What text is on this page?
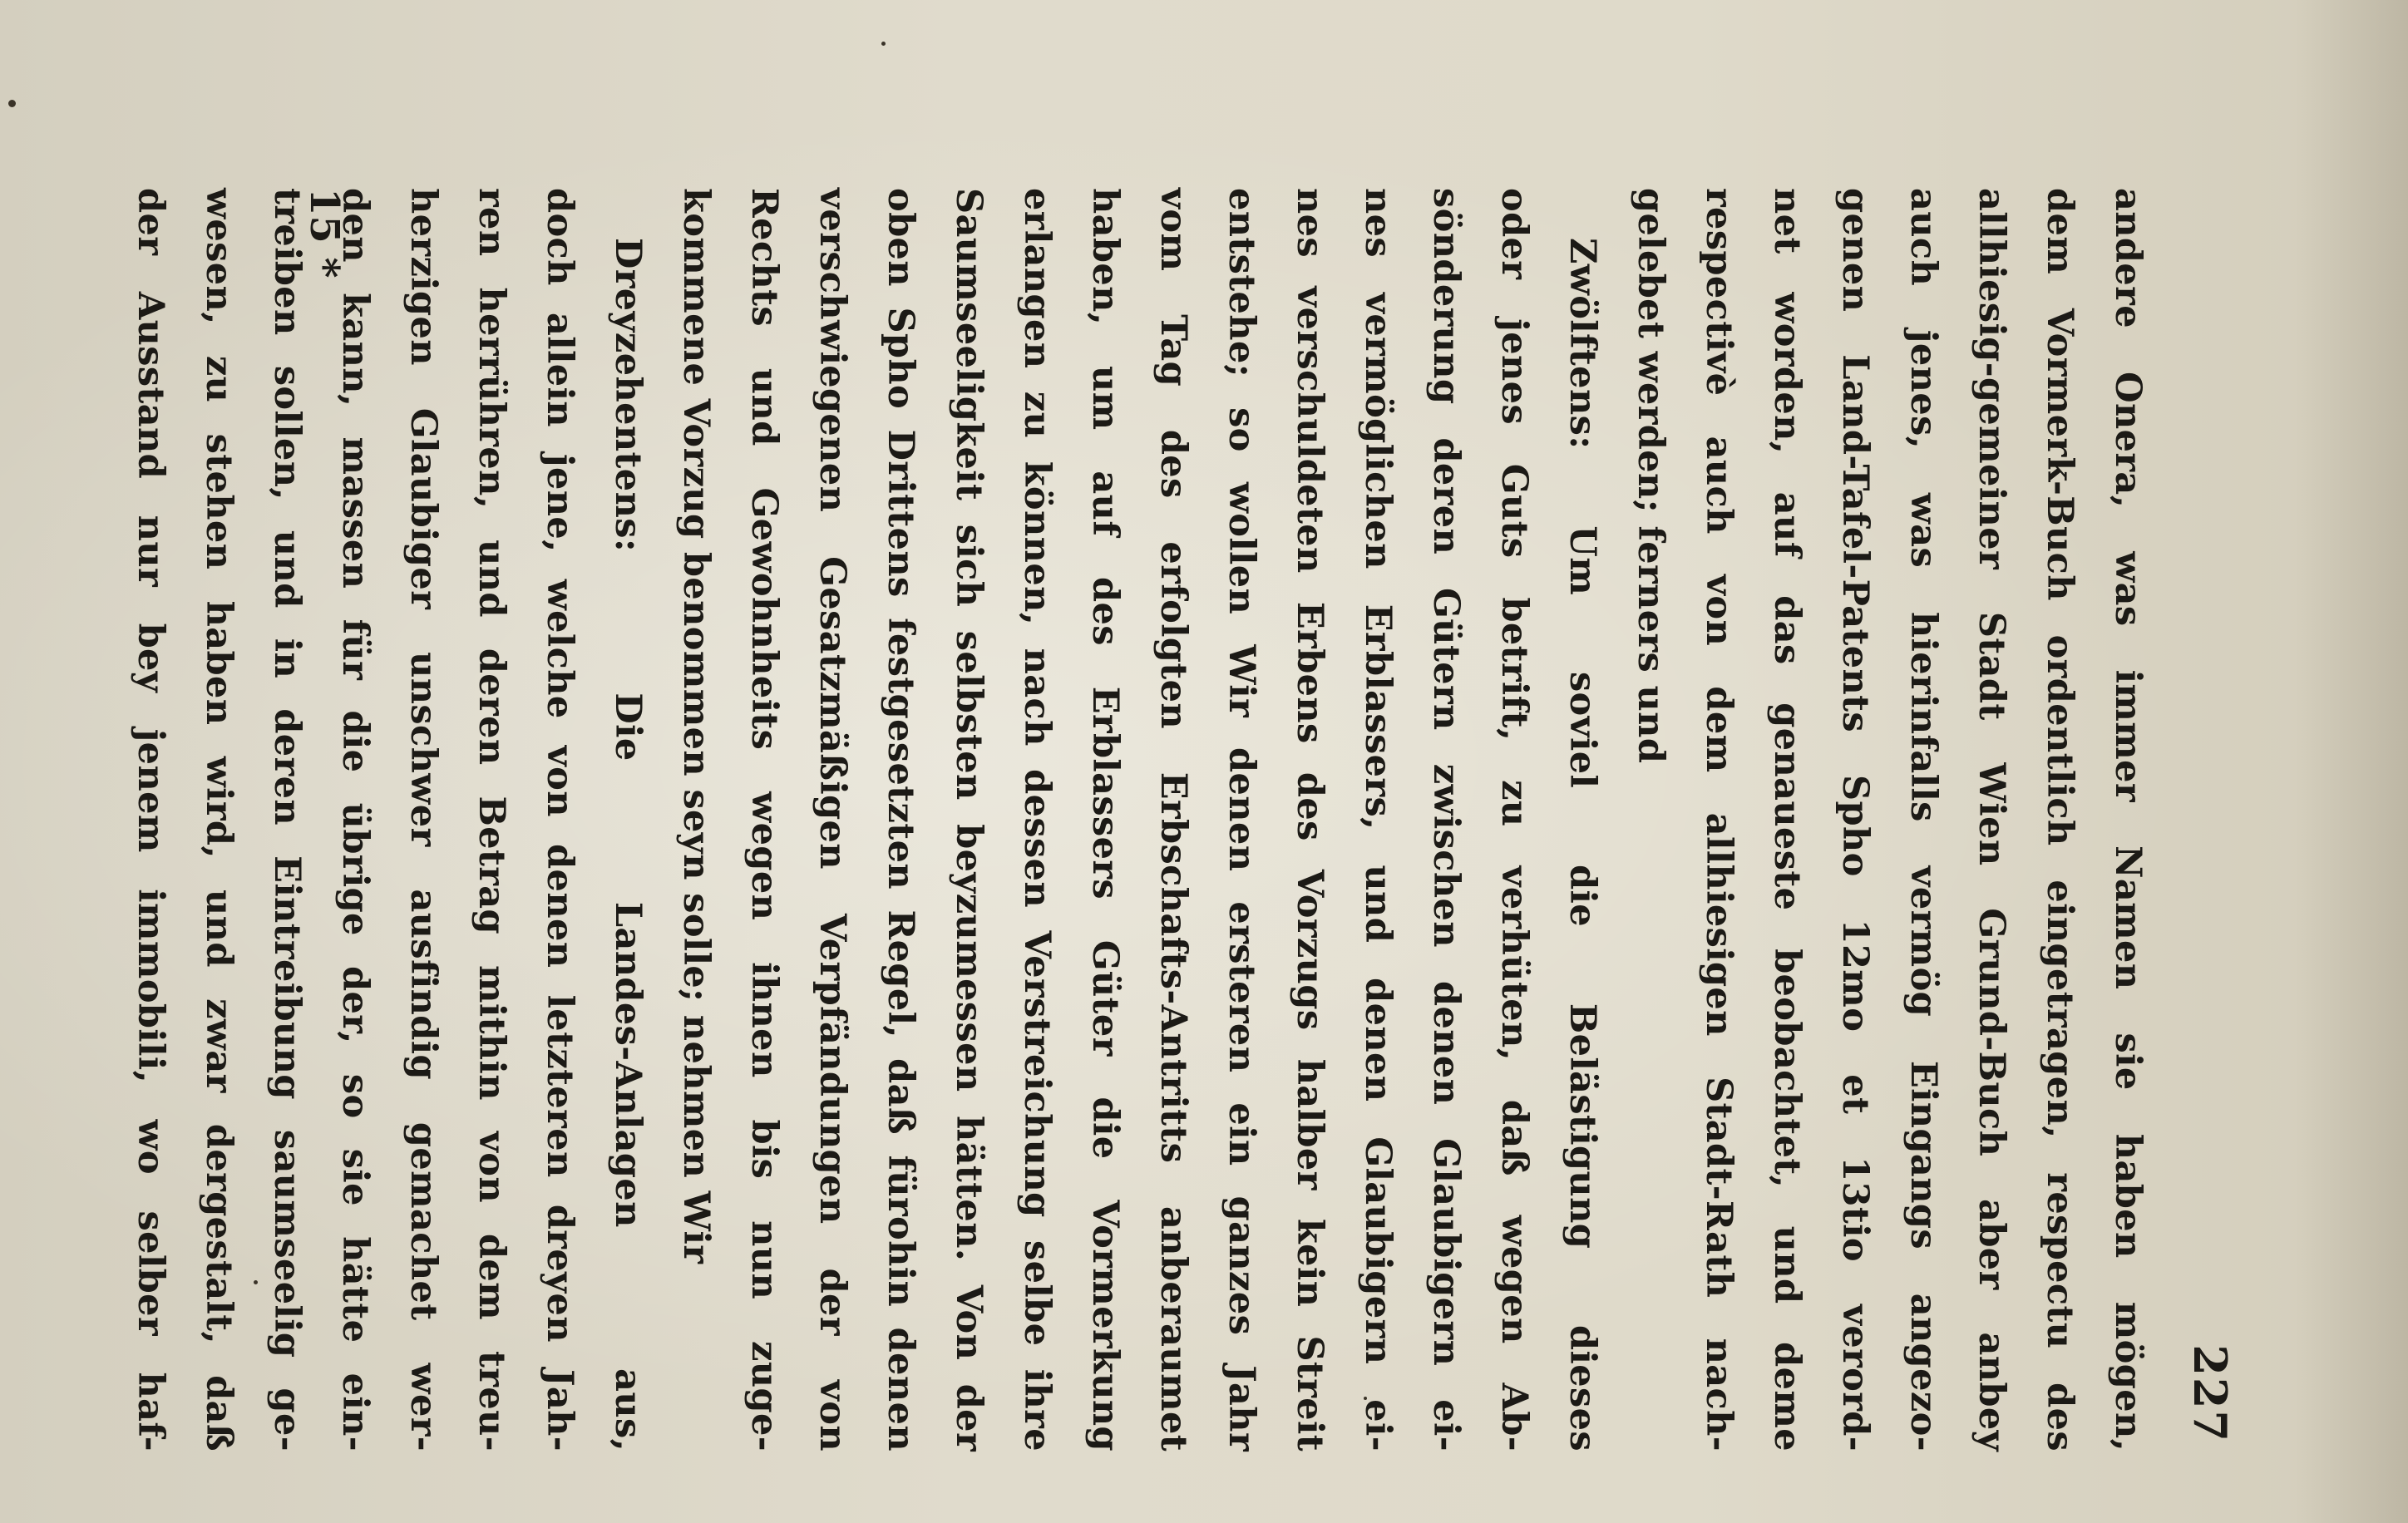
227
andere Onera, was immer Namen sie haben mögen,
dem Vormerk-Buch ordentlich eingetragen, respectu des
allhiesig-gemeiner Stadt Wien Grund-Buch aber anbey
auch jenes, was hierinfalls vermög Eingangs angezo-
genen Land-Tafel-Patents Spho 12mo et 13tio verord-
net worden, auf das genaueste beobachtet, und deme
respectivè auch von dem allhiesigen Stadt-Rath nach-
gelebet werden; ferners und
Zwölftens: Um soviel die Belästigung dieses
oder jenes Guts betrift, zu verhüten, daß wegen Ab-
sönderung deren Gütern zwischen denen Glaubigern ei-
nes vermöglichen Erblassers, und denen Glaubigern ei-
nes verschuldeten Erbens des Vorzugs halber kein Streit
entstehe; so wollen Wir denen ersteren ein ganzes Jahr
vom Tag des erfolgten Erbschafts-Antritts anberaumet
haben, um auf des Erblassers Güter die Vormerkung
erlangen zu können, nach dessen Verstreichung selbe ihre
Saumseeligkeit sich selbsten beyzumessen hätten. Von der
oben Spho Drittens festgesetzten Regel, daß fürohin denen
verschwiegenen Gesatzmäßigen Verpfändungen der von
Rechts und Gewohnheits wegen ihnen bis nun zuge-
kommene Vorzug benommen seyn solle; nehmen Wir
Dreyzehentens: Die Landes-Anlagen aus,
doch allein jene, welche von denen letzteren dreyen Jah-
ren herrühren, und deren Betrag mithin von dem treu-
herzigen Glaubiger unschwer ausfindig gemachet wer-
den kann, massen für die übrige der, so sie hätte ein-
treiben sollen, und in deren Eintreibung saumseelig ge-
wesen, zu stehen haben wird, und zwar dergestalt, daß
der Ausstand nur bey jenem immobili, wo selber haf-	15 *
